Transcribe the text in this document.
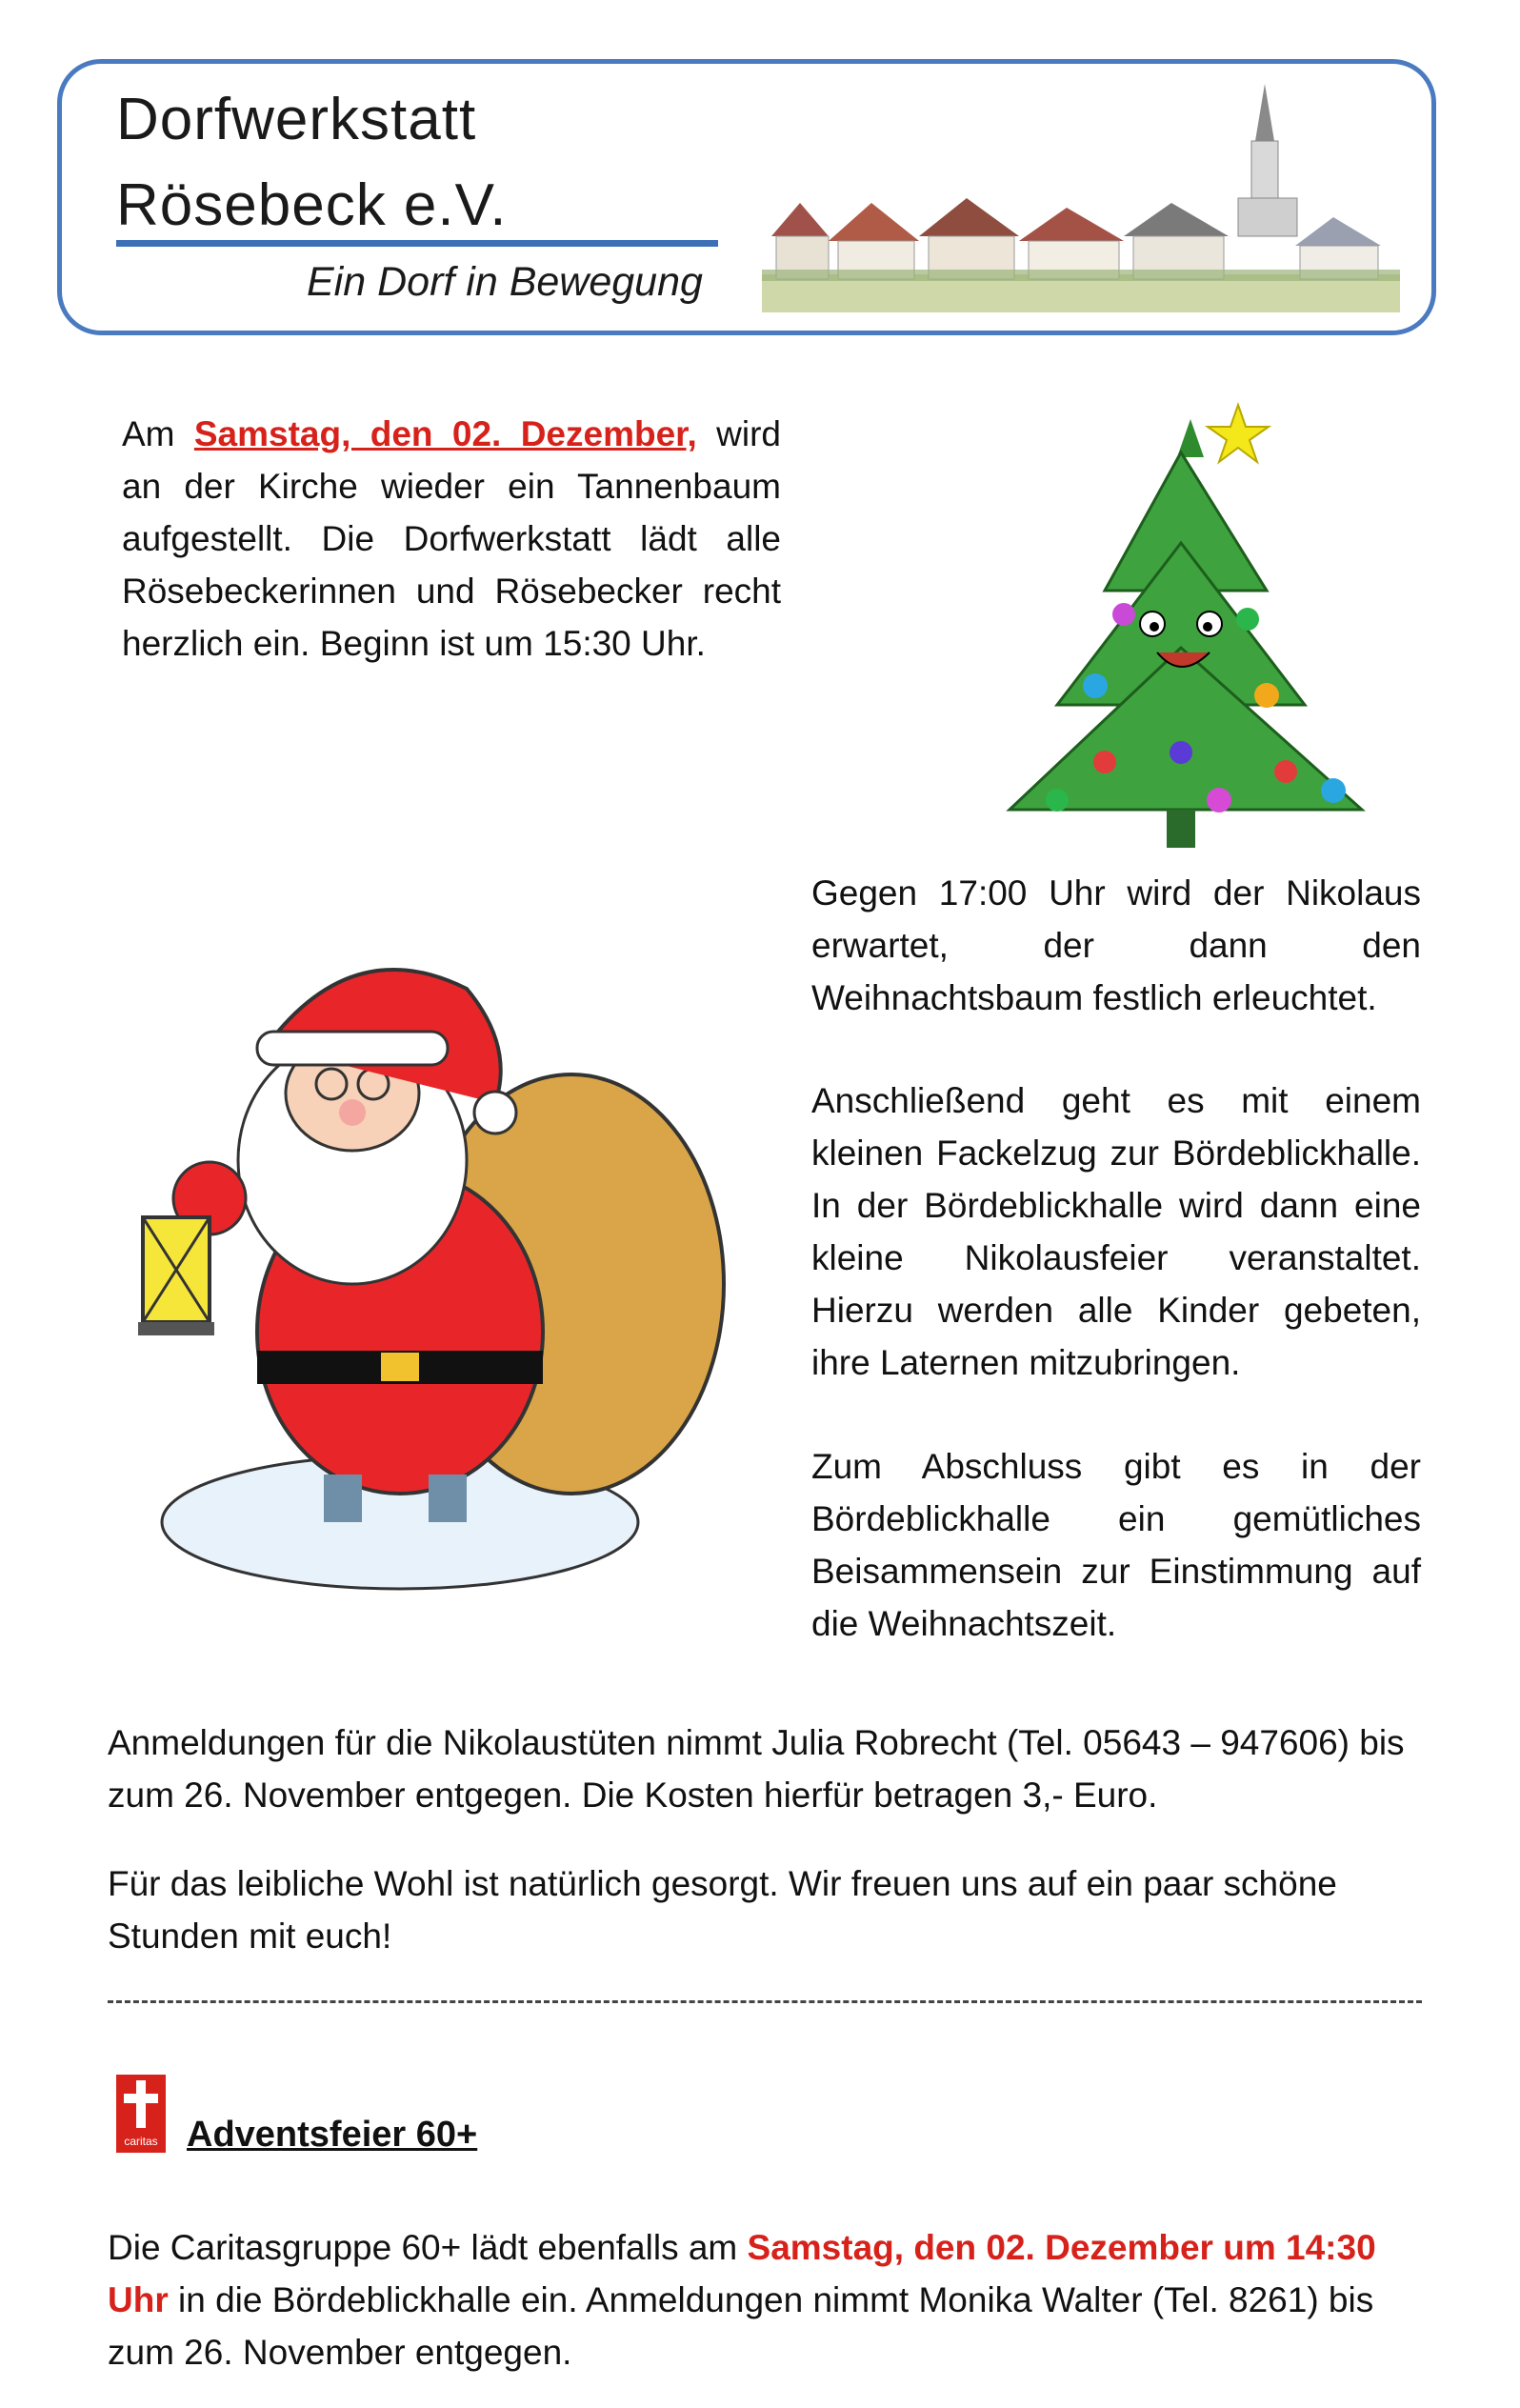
Dorfwerkstatt
Rösebeck e.V.
Ein Dorf in Bewegung
Am Samstag, den 02. Dezember, wird an der Kirche wieder ein Tannenbaum aufgestellt. Die Dorfwerkstatt lädt alle Rösebeckerinnen und Rösebecker recht herzlich ein. Beginn ist um 15:30 Uhr.
Gegen 17:00 Uhr wird der Nikolaus erwartet, der dann den Weihnachtsbaum festlich erleuchtet.
Anschließend geht es mit einem kleinen Fackelzug zur Bördeblickhalle. In der Bördeblickhalle wird dann eine kleine Nikolausfeier veranstaltet. Hierzu werden alle Kinder gebeten, ihre Laternen mitzubringen.
Zum Abschluss gibt es in der Bördeblickhalle ein gemütliches Beisammensein zur Einstimmung auf die Weihnachtszeit.
Anmeldungen für die Nikolaustüten nimmt Julia Robrecht (Tel. 05643 – 947606) bis zum 26. November entgegen. Die Kosten hierfür betragen 3,- Euro.
Für das leibliche Wohl ist natürlich gesorgt. Wir freuen uns auf ein paar schöne Stunden mit euch!
caritas Adventsfeier 60+
Die Caritasgruppe 60+ lädt ebenfalls am Samstag, den 02. Dezember um 14:30 Uhr in die Bördeblickhalle ein. Anmeldungen nimmt Monika Walter (Tel. 8261) bis zum 26. November entgegen.
